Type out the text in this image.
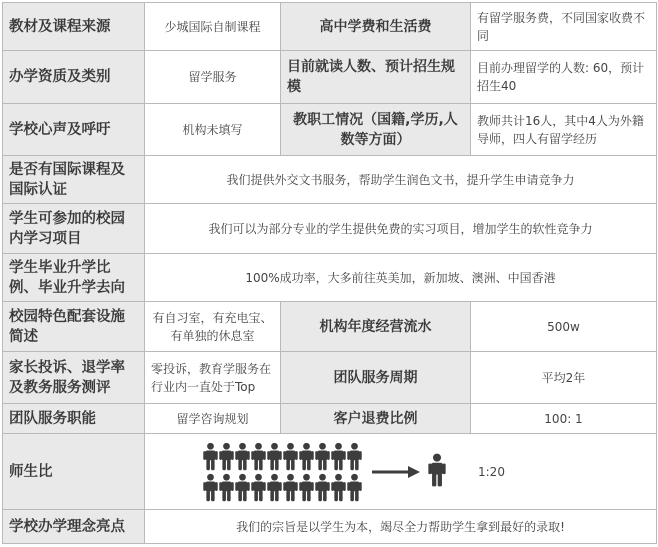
教材及课程来源	少城国际自制课程	高中学费和生活费	有留学服务费，不同国家收费不同
办学资质及类别	留学服务	目前就读人数、预计招生规模	目前办理留学的人数: 60，预计招生40
学校心声及呼吁	机构未填写	教职工情况（国籍,学历,人数等方面）	教师共计16人，其中4人为外籍导师，四人有留学经历
是否有国际课程及国际认证	我们提供外交文书服务，帮助学生润色文书，提升学生申请竞争力		
学生可参加的校园内学习项目	我们可以为部分专业的学生提供免费的实习项目，增加学生的软性竞争力		
学生毕业升学比例、毕业升学去向	100%成功率，大多前往英美加，新加坡、澳洲、中国香港		
校园特色配套设施简述	有自习室，有充电宝、有单独的休息室	机构年度经营流水	500w
家长投诉、退学率及教务服务测评	零投诉，教育学服务在行业内一直处于Top	团队服务周期	平均2年
团队服务职能	留学咨询规划	客户退费比例	100: 1
师生比	1:20		

学校办学理念亮点	我们的宗旨是以学生为本，竭尽全力帮助学生拿到最好的录取!		
